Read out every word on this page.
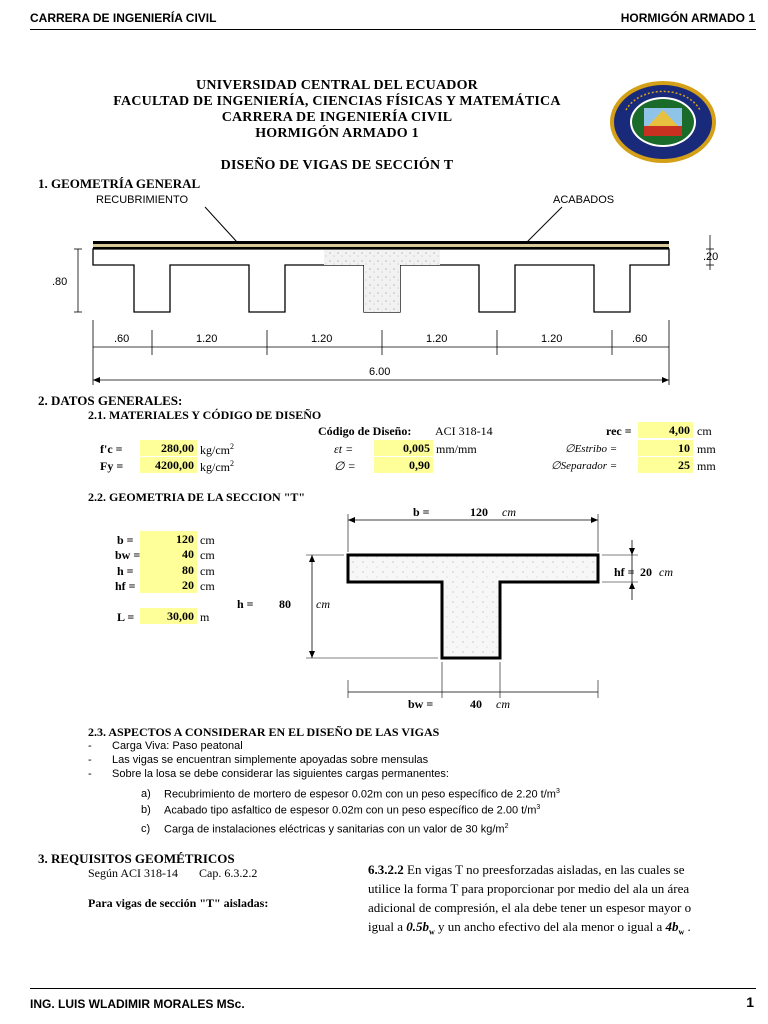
CARRERA DE INGENIERÍA CIVIL	HORMIGÓN ARMADO 1
UNIVERSIDAD CENTRAL DEL ECUADOR
FACULTAD DE INGENIERÍA, CIENCIAS FÍSICAS Y MATEMÁTICA
CARRERA DE INGENIERÍA CIVIL
HORMIGÓN ARMADO 1
DISEÑO DE VIGAS DE SECCIÓN T
1. GEOMETRÍA GENERAL
RECUBRIMIENTO	ACABADOS
.80
.20
.60	1.20	1.20	1.20	1.20	.60
6.00
2. DATOS GENERALES:
2.1. MATERIALES Y CÓDIGO DE DISEÑO
Código de Diseño: ACI 318-14
f'c =	280,00 $kg/cm^2$
Fy =	4200,00 $kg/cm^2$
εt =	0,005 mm/mm
∅ =	0,90
rec =	4,00 cm
∅Estribo =	10 mm
∅Separador =	25 mm
2.2. GEOMETRIA DE LA SECCION "T"
b =	120 cm
bw =	40 cm
h =	80 cm
hf =	20 cm
L =	30,00 m
b =	120 cm
h = 80 cm
hf = 20 cm
bw =	40 cm
2.3. ASPECTOS A CONSIDERAR EN EL DISEÑO DE LAS VIGAS
- Carga Viva: Paso peatonal
- Las vigas se encuentran simplemente apoyadas sobre mensulas
- Sobre la losa se debe considerar las siguientes cargas permanentes:
a) Recubrimiento de mortero de espesor 0.02m con un peso específico de 2.20 $t/m^3$
b) Acabado tipo asfaltico de espesor 0.02m con un peso específico de 2.00 $t/m^3$
c) Carga de instalaciones eléctricas y sanitarias con un valor de 30 $kg/m^2$
3. REQUISITOS GEOMÉTRICOS
Según ACI 318-14 Cap. 6.3.2.2
Para vigas de sección "T" aisladas:
6.3.2.2 En vigas T no preesforzadas aisladas, en las cuales se
utilice la forma T para proporcionar por medio del ala un área
adicional de compresión, el ala debe tener un espesor mayor o
igual a $0.5b_w$ y un ancho efectivo del ala menor o igual a $4b_w$ .
ING. LUIS WLADIMIR MORALES MSc.	1
